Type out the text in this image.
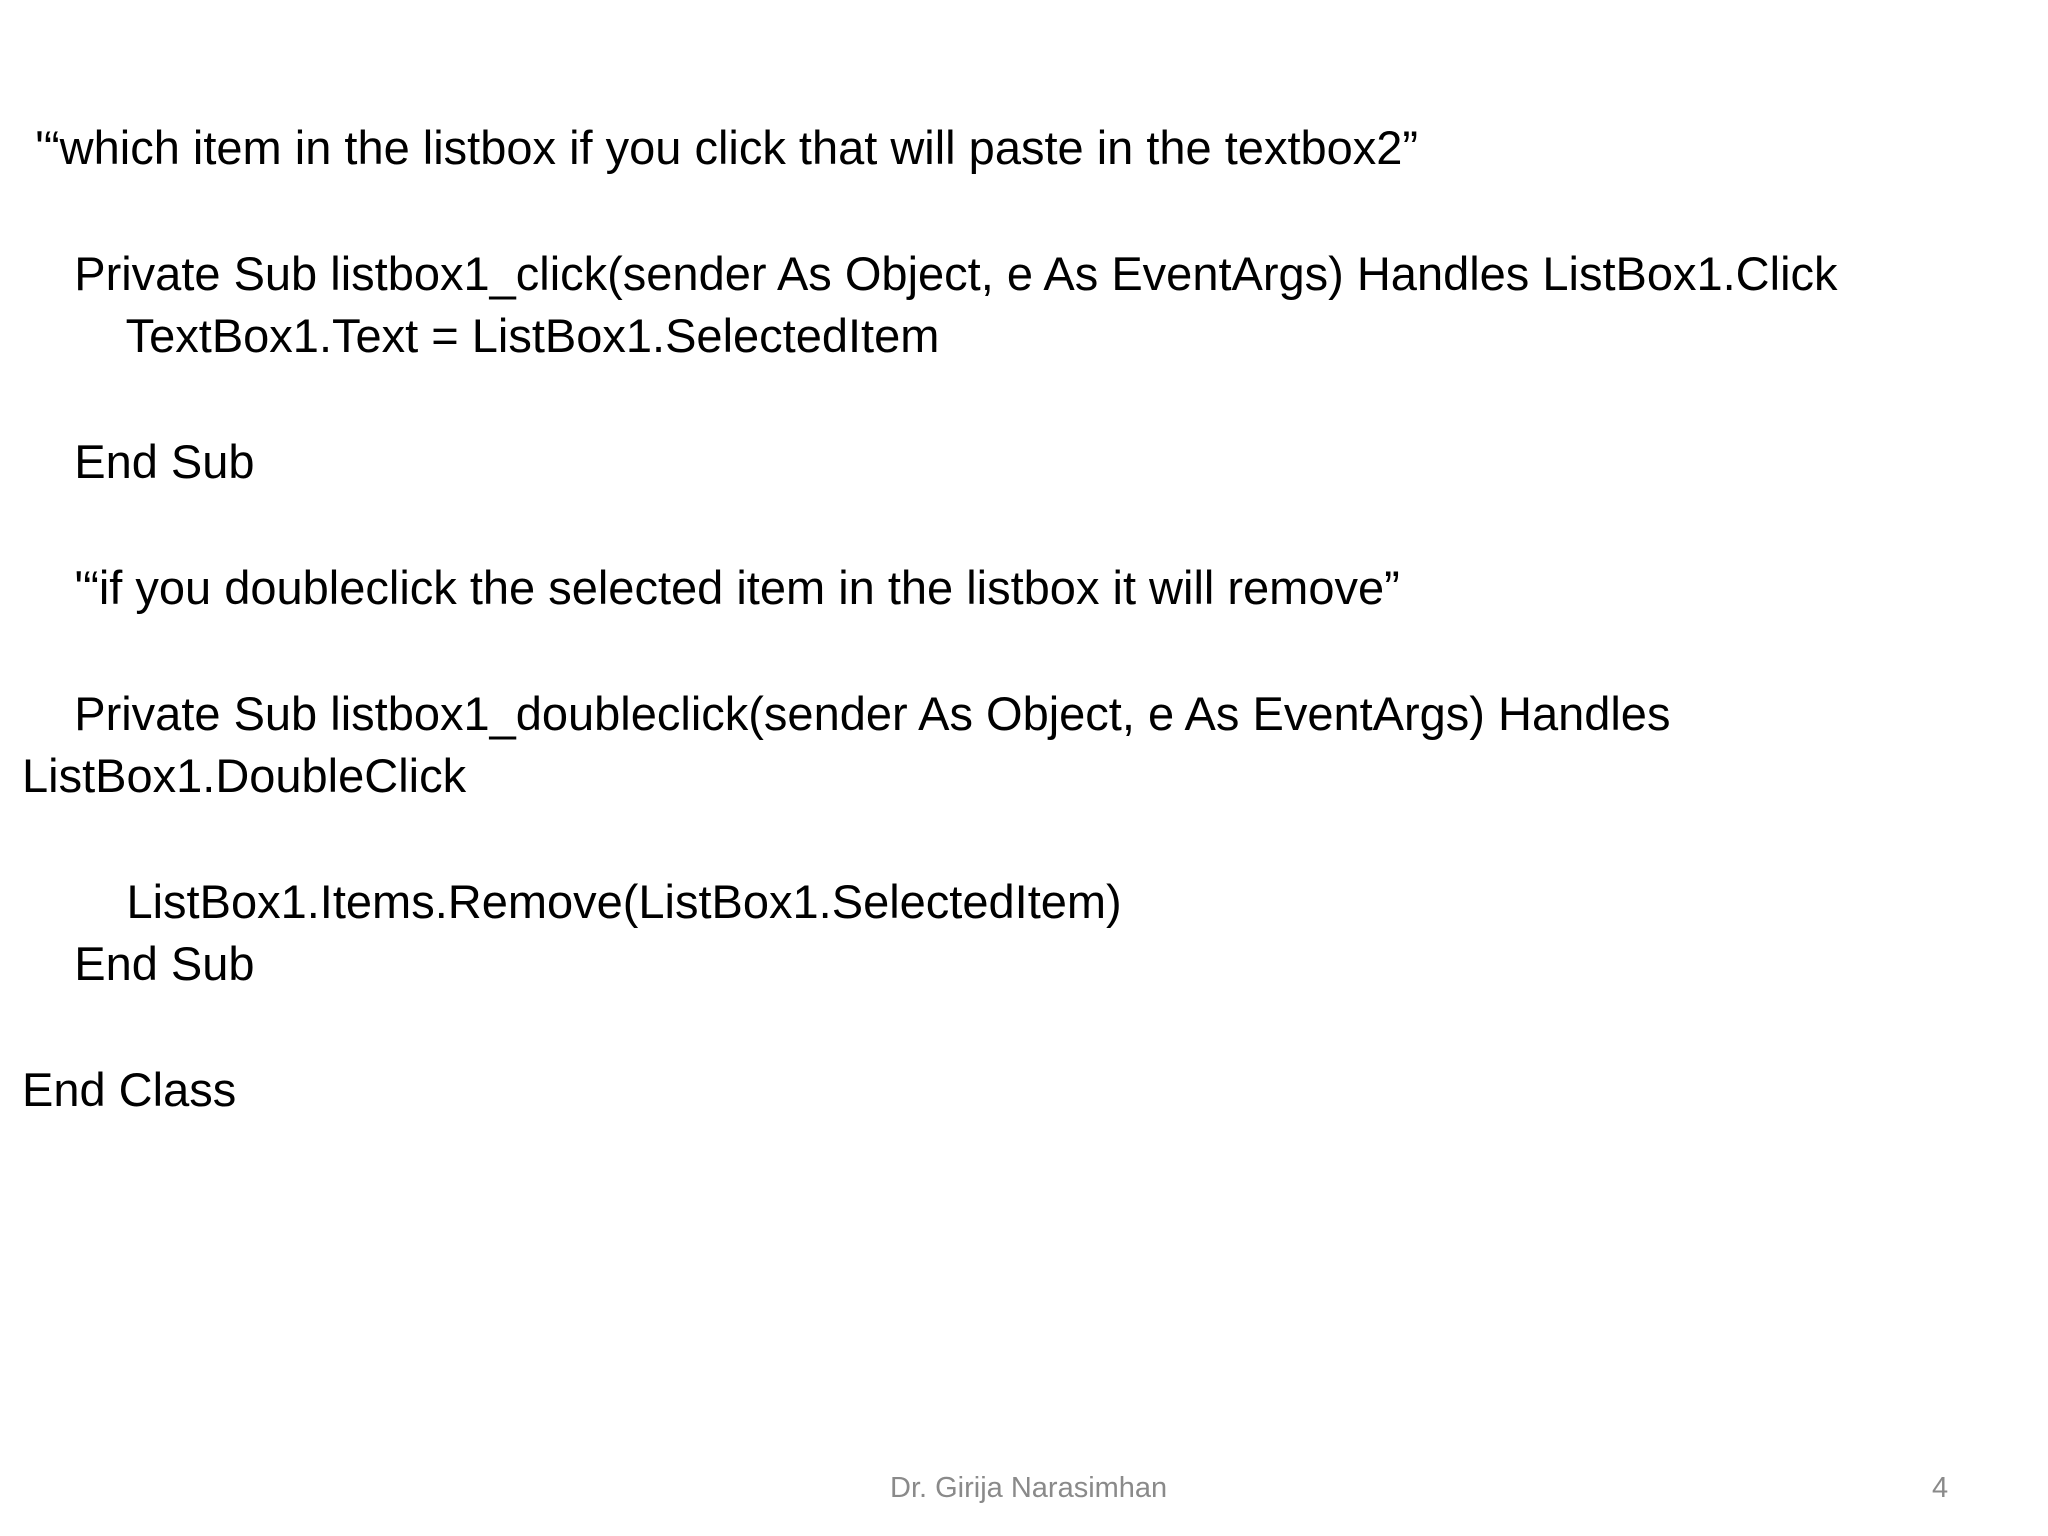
'“which item in the listbox if you click that will paste in the textbox2”
Private Sub listbox1_click(sender As Object, e As EventArgs) Handles ListBox1.Click
TextBox1.Text = ListBox1.SelectedItem
End Sub
'“if you doubleclick the selected item in the listbox it will remove”
Private Sub listbox1_doubleclick(sender As Object, e As EventArgs) Handles
ListBox1.DoubleClick
ListBox1.Items.Remove(ListBox1.SelectedItem)
End Sub
End Class
Dr. Girija Narasimhan	4
